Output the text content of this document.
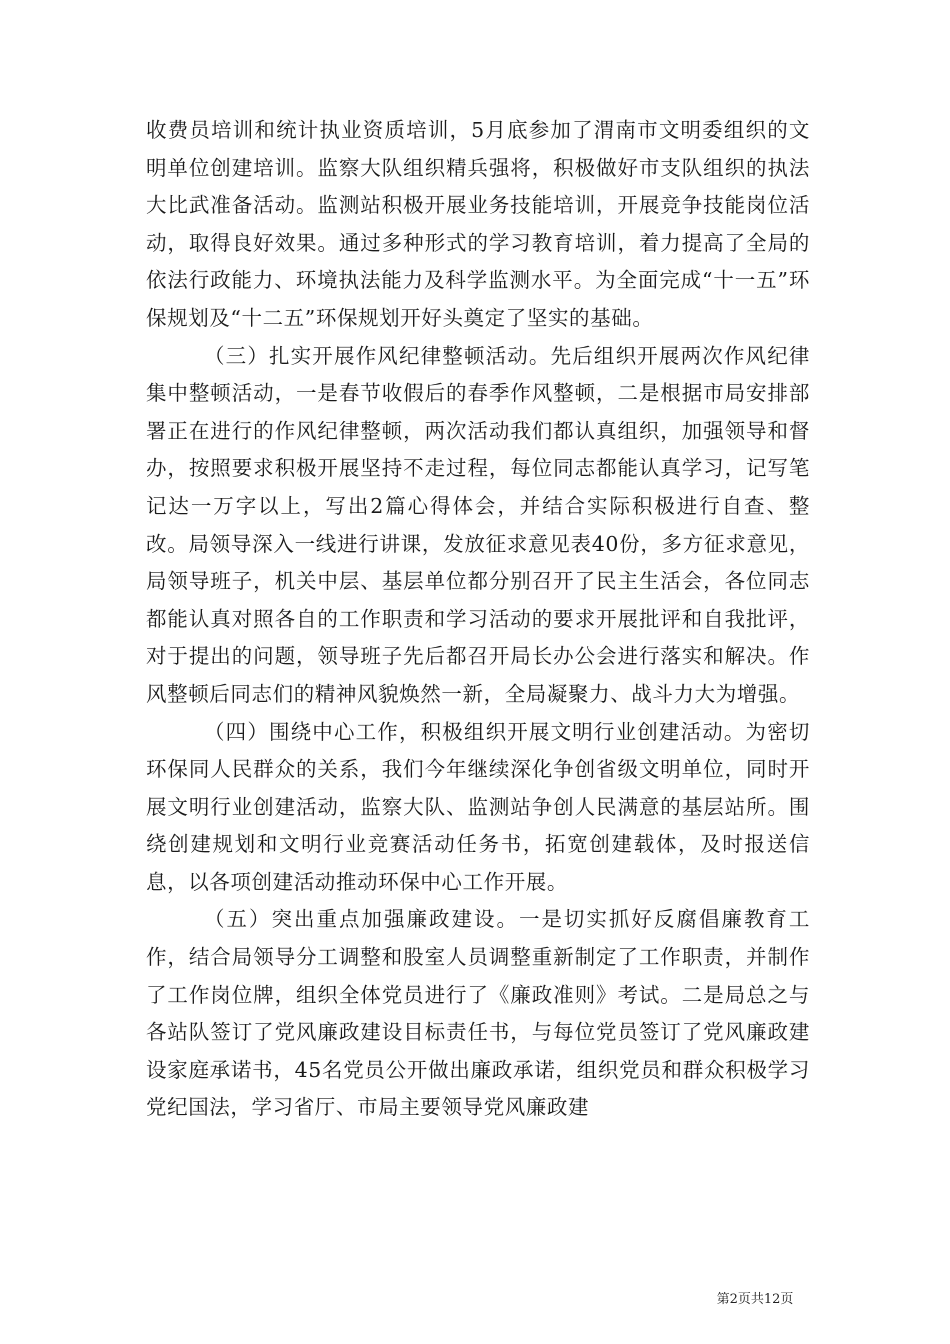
收费员培训和统计执业资质培训，5月底参加了渭南市文明委组织的文明单位创建培训。监察大队组织精兵强将，积极做好市支队组织的执法大比武准备活动。监测站积极开展业务技能培训，开展竞争技能岗位活动，取得良好效果。通过多种形式的学习教育培训，着力提高了全局的依法行政能力、环境执法能力及科学监测水平。为全面完成“十一五”环保规划及“十二五”环保规划开好头奠定了坚实的基础。

（三）扎实开展作风纪律整顿活动。先后组织开展两次作风纪律集中整顿活动，一是春节收假后的春季作风整顿，二是根据市局安排部署正在进行的作风纪律整顿，两次活动我们都认真组织，加强领导和督办，按照要求积极开展坚持不走过程，每位同志都能认真学习，记写笔记达一万字以上，写出2篇心得体会，并结合实际积极进行自查、整改。局领导深入一线进行讲课，发放征求意见表40份，多方征求意见，局领导班子，机关中层、基层单位都分别召开了民主生活会，各位同志都能认真对照各自的工作职责和学习活动的要求开展批评和自我批评，对于提出的问题，领导班子先后都召开局长办公会进行落实和解决。作风整顿后同志们的精神风貌焕然一新，全局凝聚力、战斗力大为增强。

（四）围绕中心工作，积极组织开展文明行业创建活动。为密切环保同人民群众的关系，我们今年继续深化争创省级文明单位，同时开展文明行业创建活动，监察大队、监测站争创人民满意的基层站所。围绕创建规划和文明行业竞赛活动任务书，拓宽创建载体，及时报送信息，以各项创建活动推动环保中心工作开展。

（五）突出重点加强廉政建设。一是切实抓好反腐倡廉教育工作，结合局领导分工调整和股室人员调整重新制定了工作职责，并制作了工作岗位牌，组织全体党员进行了《廉政准则》考试。二是局总之与各站队签订了党风廉政建设目标责任书，与每位党员签订了党风廉政建设家庭承诺书，45名党员公开做出廉政承诺，组织党员和群众积极学习党纪国法，学习省厅、市局主要领导党风廉政建

第2页共12页
